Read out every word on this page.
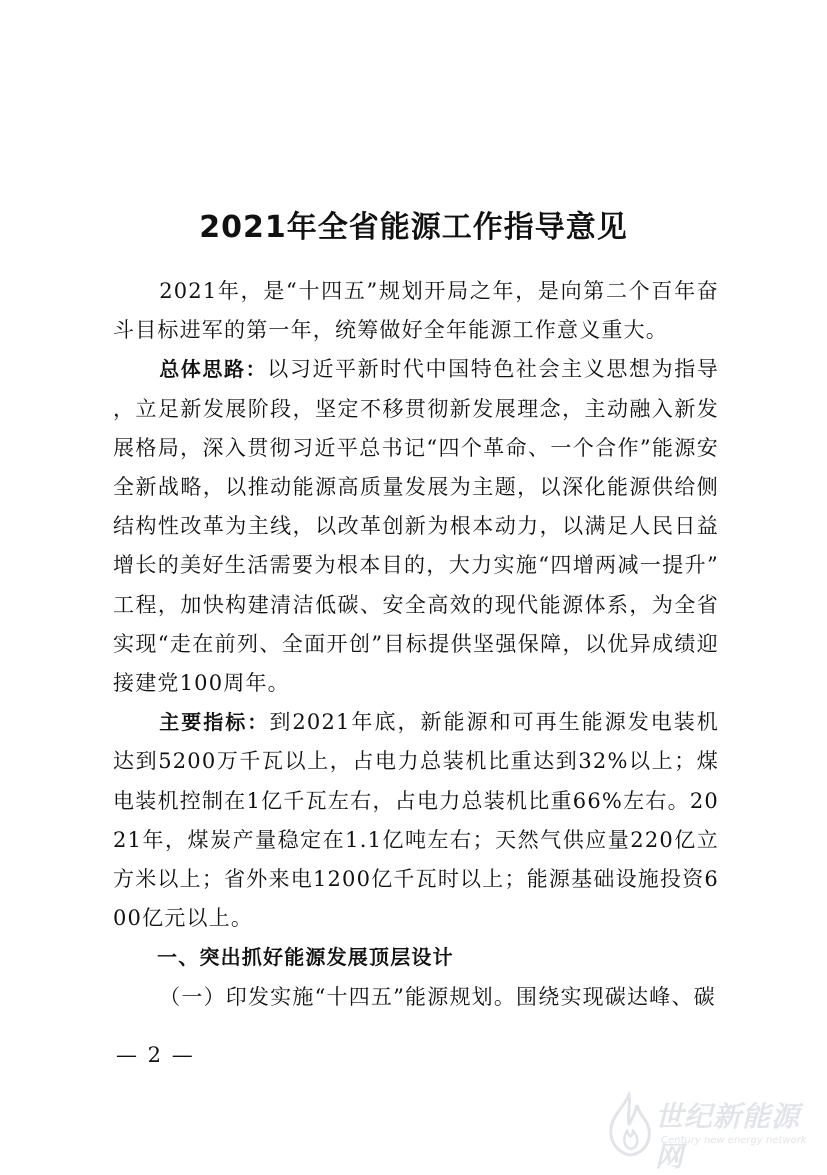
2021年全省能源工作指导意见

2021年，是“十四五”规划开局之年，是向第二个百年奋斗目标进军的第一年，统筹做好全年能源工作意义重大。

总体思路：以习近平新时代中国特色社会主义思想为指导，立足新发展阶段，坚定不移贯彻新发展理念，主动融入新发展格局，深入贯彻习近平总书记“四个革命、一个合作”能源安全新战略，以推动能源高质量发展为主题，以深化能源供给侧结构性改革为主线，以改革创新为根本动力，以满足人民日益增长的美好生活需要为根本目的，大力实施“四增两减一提升”工程，加快构建清洁低碳、安全高效的现代能源体系，为全省实现“走在前列、全面开创”目标提供坚强保障，以优异成绩迎接建党100周年。

主要指标：到2021年底，新能源和可再生能源发电装机达到5200万千瓦以上，占电力总装机比重达到32%以上；煤电装机控制在1亿千瓦左右，占电力总装机比重66%左右。2021年，煤炭产量稳定在1.1亿吨左右；天然气供应量220亿立方米以上；省外来电1200亿千瓦时以上；能源基础设施投资600亿元以上。

一、突出抓好能源发展顶层设计

（一）印发实施“十四五”能源规划。围绕实现碳达峰、碳

— 2 —
世纪新能源网
Century new energy network
